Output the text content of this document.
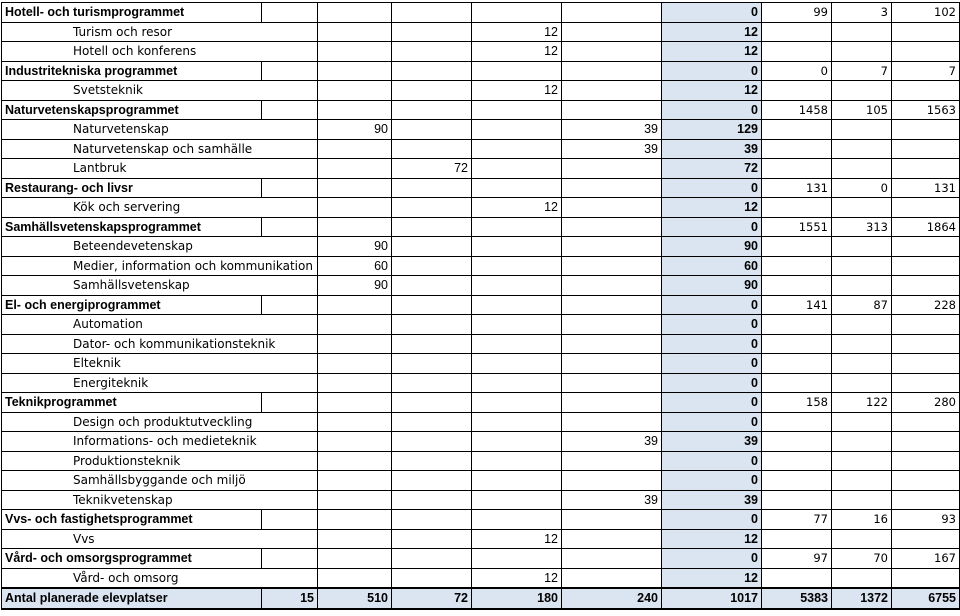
Hotell- och turismprogrammet						0	99	3	102
Turism och resor				12		12			
Hotell och konferens				12		12			
Industritekniska programmet						0	0	7	7
Svetsteknik				12		12			
Naturvetenskapsprogrammet						0	1458	105	1563
Naturvetenskap		90			39	129			
Naturvetenskap och samhälle					39	39			
Lantbruk			72			72			
Restaurang- och livsr						0	131	0	131
Kök och servering				12		12			
Samhällsvetenskapsprogrammet						0	1551	313	1864
Beteendevetenskap		90				90			
Medier, information och kommunikation		60				60			
Samhällsvetenskap		90				90			
El- och energiprogrammet						0	141	87	228
Automation						0			
Dator- och kommunikationsteknik						0			
Elteknik						0			
Energiteknik						0			
Teknikprogrammet						0	158	122	280
Design och produktutveckling						0			
Informations- och medieteknik					39	39			
Produktionsteknik						0			
Samhällsbyggande och miljö						0			
Teknikvetenskap					39	39			
Vvs- och fastighetsprogrammet						0	77	16	93
Vvs				12		12			
Vård- och omsorgsprogrammet						0	97	70	167
Vård- och omsorg				12		12			
Antal planerade elevplatser	15	510	72	180	240	1017	5383	1372	6755
